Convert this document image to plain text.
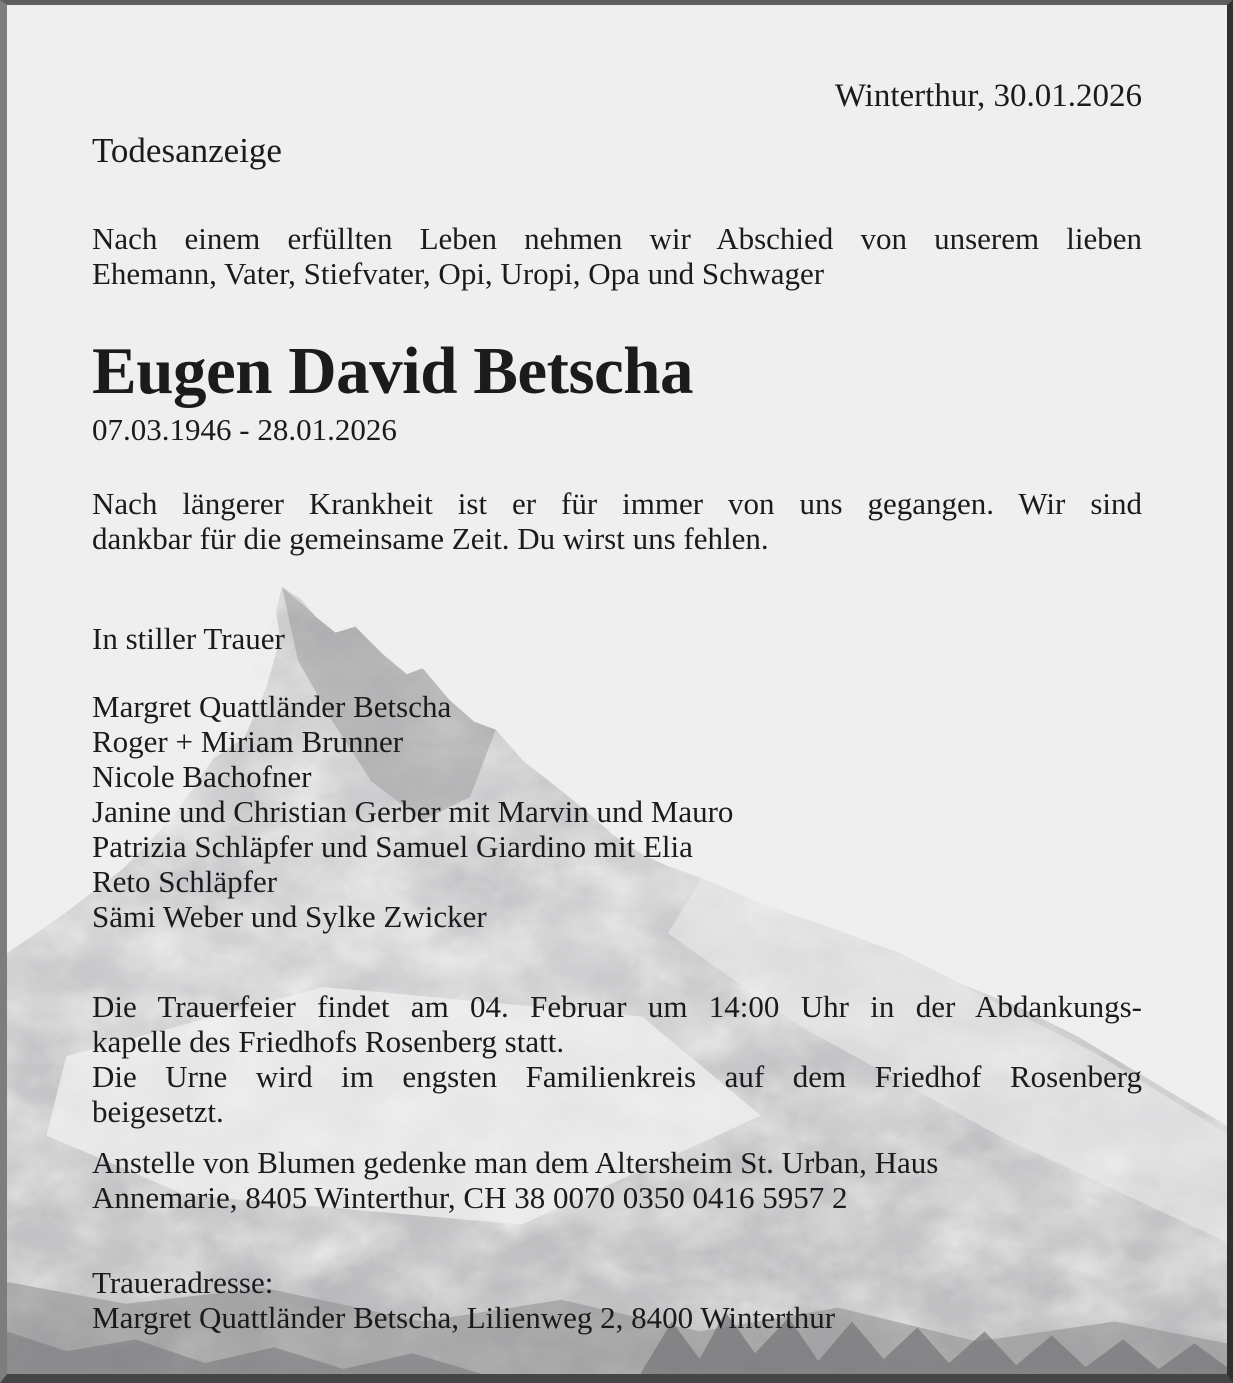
Winterthur, 30.01.2026
Todesanzeige
Nach einem erfüllten Leben nehmen wir Abschied von unserem lieben
Ehemann, Vater, Stiefvater, Opi, Uropi, Opa und Schwager
Eugen David Betscha
07.03.1946 - 28.01.2026
Nach längerer Krankheit ist er für immer von uns gegangen. Wir sind
dankbar für die gemeinsame Zeit. Du wirst uns fehlen.
In stiller Trauer
Margret Quattländer Betscha
Roger + Miriam Brunner
Nicole Bachofner
Janine und Christian Gerber mit Marvin und Mauro
Patrizia Schläpfer und Samuel Giardino mit Elia
Reto Schläpfer
Sämi Weber und Sylke Zwicker
Die Trauerfeier findet am 04. Februar um 14:00 Uhr in der Abdankungs-
kapelle des Friedhofs Rosenberg statt.
Die Urne wird im engsten Familienkreis auf dem Friedhof Rosenberg
beigesetzt.
Anstelle von Blumen gedenke man dem Altersheim St. Urban, Haus
Annemarie, 8405 Winterthur, CH 38 0070 0350 0416 5957 2
Traueradresse:
Margret Quattländer Betscha, Lilienweg 2, 8400 Winterthur
